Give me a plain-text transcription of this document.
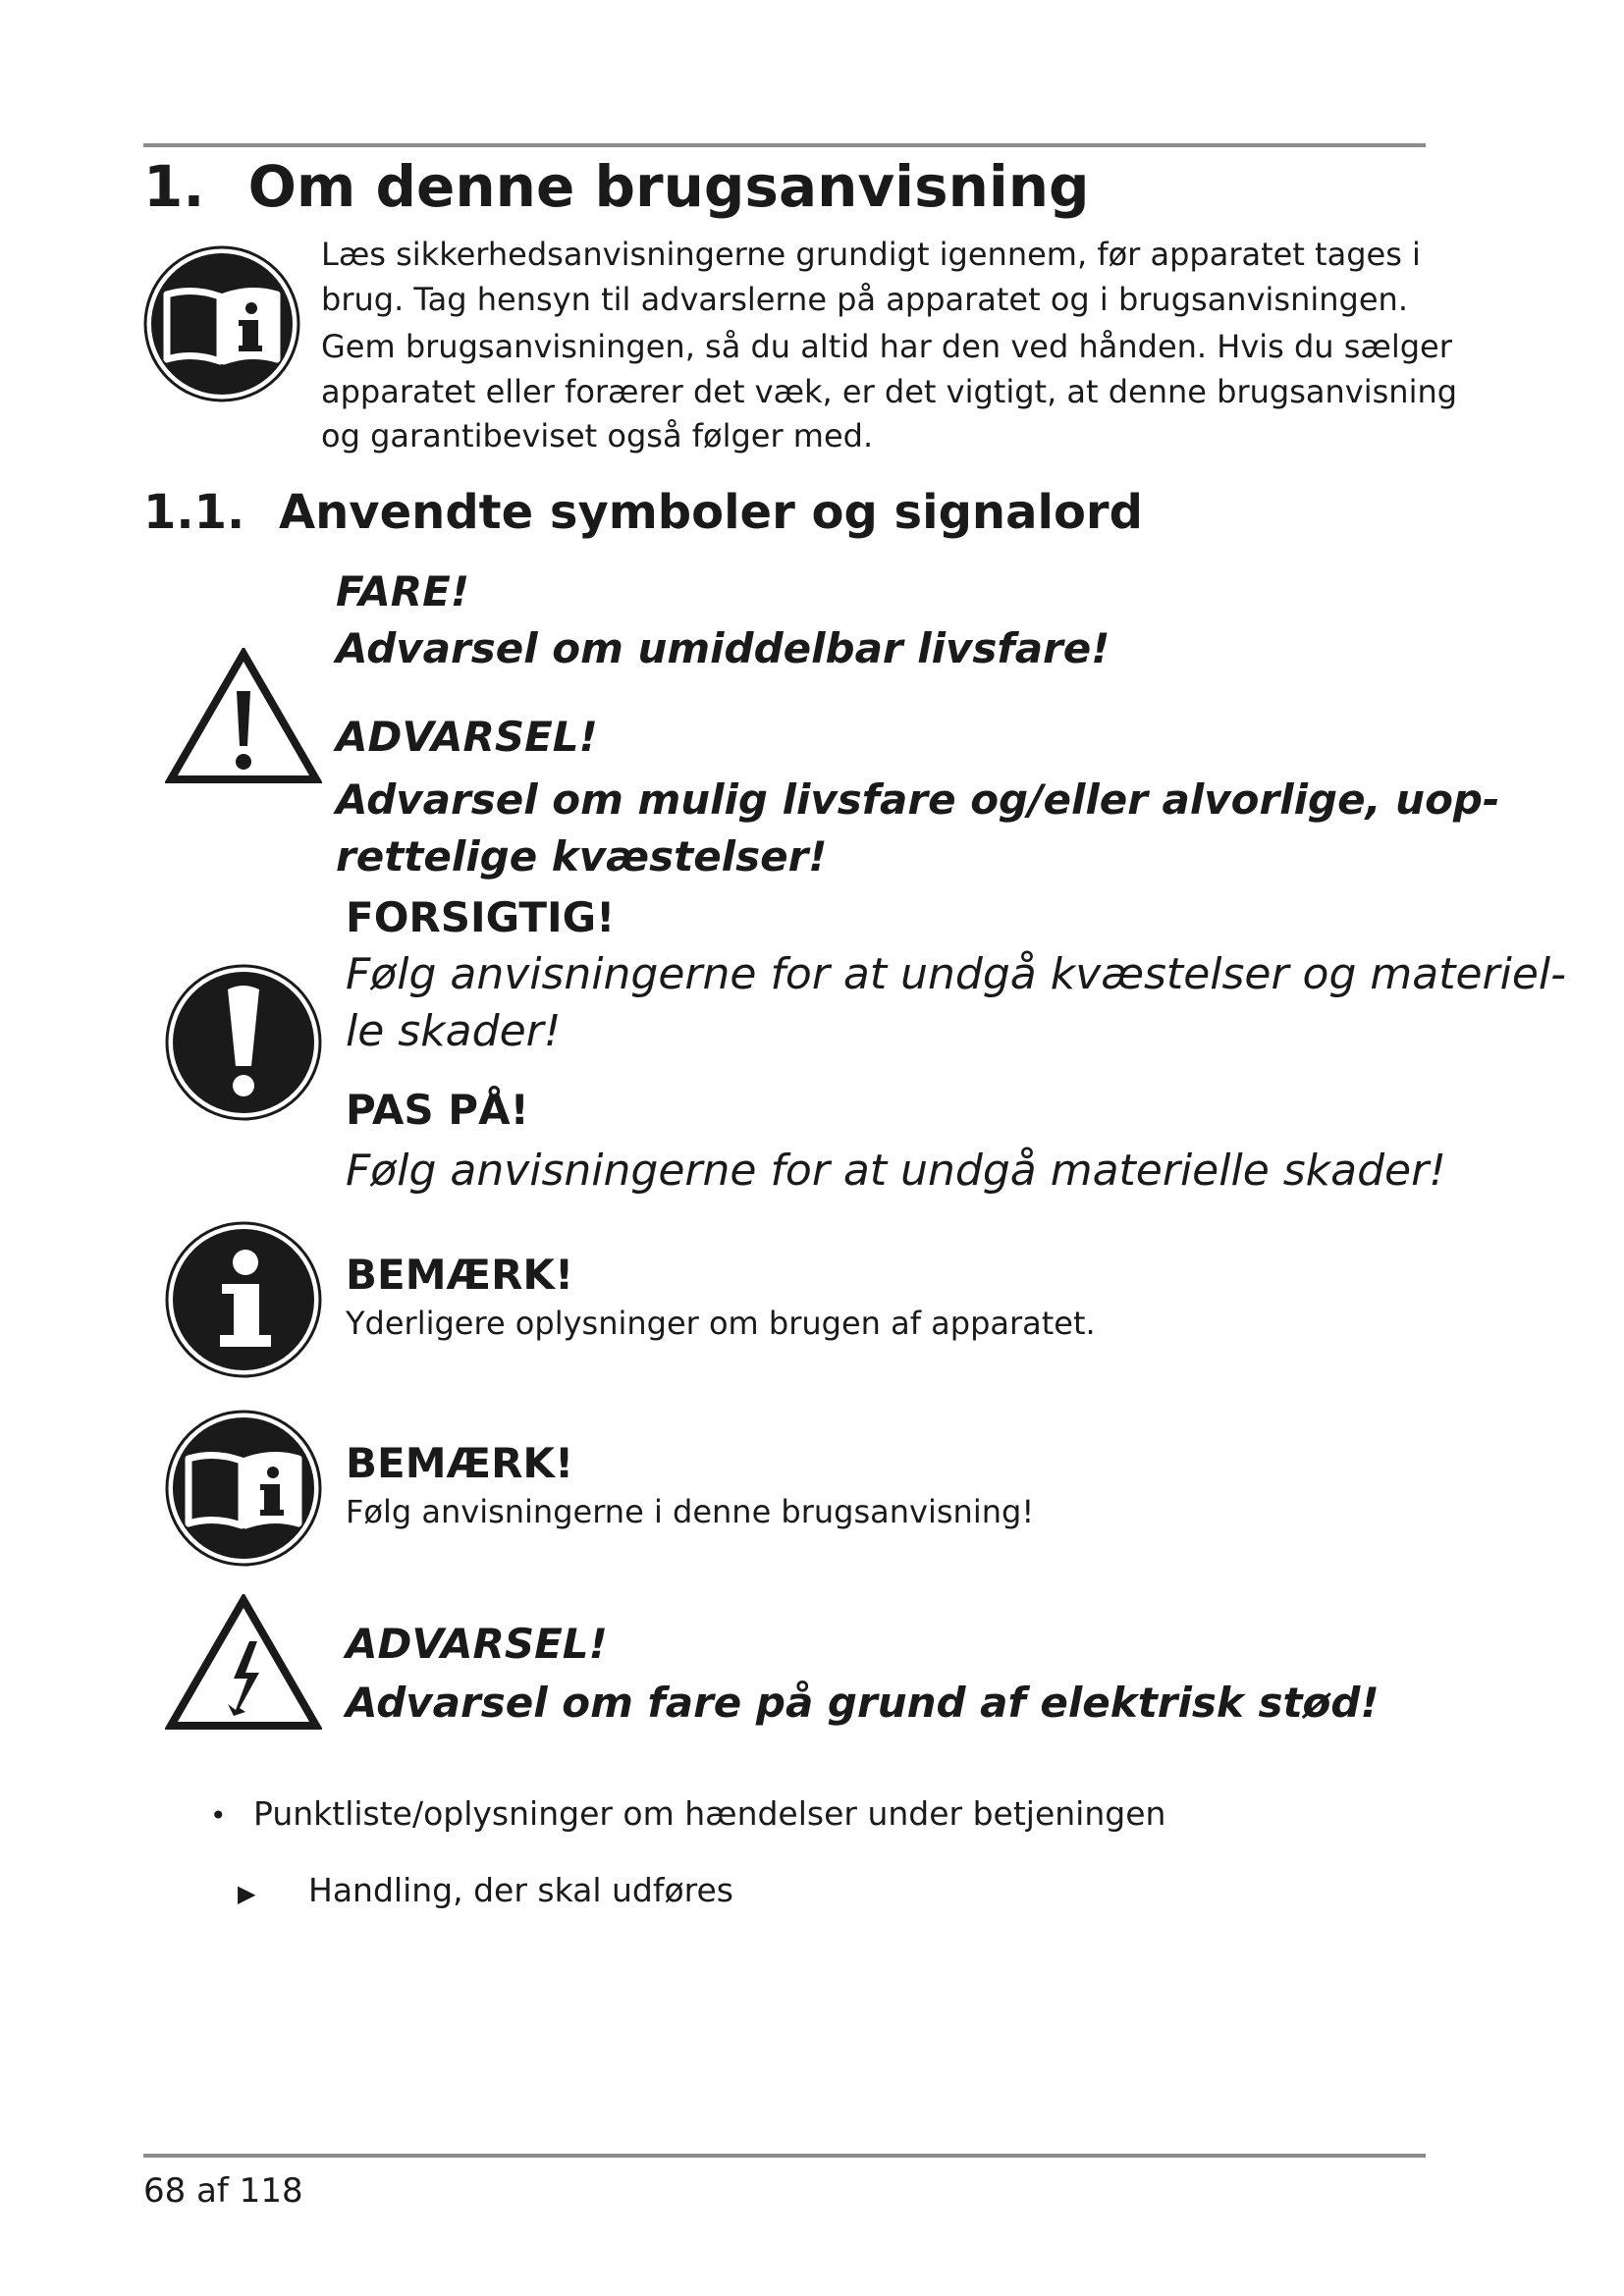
1. Om denne brugsanvisning

Læs sikkerhedsanvisningerne grundigt igennem, før apparatet tages i

brug. Tag hensyn til advarslerne på apparatet og i brugsanvisningen.

Gem brugsanvisningen, så du altid har den ved hånden. Hvis du sælger

apparatet eller forærer det væk, er det vigtigt, at denne brugsanvisning

og garantibeviset også følger med.

1.1. Anvendte symboler og signalord

FARE!

Advarsel om umiddelbar livsfare!

ADVARSEL!

Advarsel om mulig livsfare og/eller alvorlige, uop-

rettelige kvæstelser!

FORSIGTIG!

Følg anvisningerne for at undgå kvæstelser og materiel-

le skader!

PAS PÅ!

Følg anvisningerne for at undgå materielle skader!

BEMÆRK!

Yderligere oplysninger om brugen af apparatet.

BEMÆRK!

Følg anvisningerne i denne brugsanvisning!

ADVARSEL!

Advarsel om fare på grund af elektrisk stød!

• Punktliste/oplysninger om hændelser under betjeningen
▶ Handling, der skal udføres
68 af 118
